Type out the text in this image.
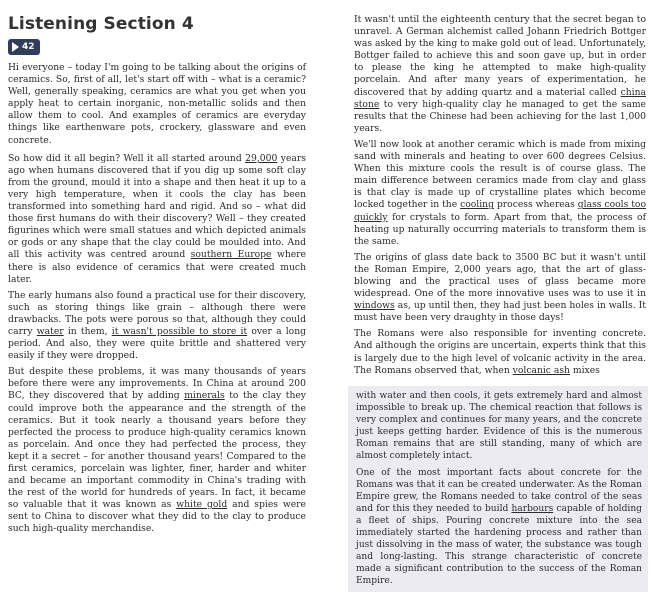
Listening Section 4
42

Hi everyone – today I'm going to be talking about the origins of ceramics. So, first of all, let's start off with – what is a ceramic? Well, generally speaking, ceramics are what you get when you apply heat to certain inorganic, non-metallic solids and then allow them to cool. And examples of ceramics are everyday things like earthenware pots, crockery, glassware and even concrete.

So how did it all begin? Well it all started around 29,000 years ago when humans discovered that if you dig up some soft clay from the ground, mould it into a shape and then heat it up to a very high temperature, when it cools the clay has been transformed into something hard and rigid. And so – what did those first humans do with their discovery? Well – they created figurines which were small statues and which depicted animals or gods or any shape that the clay could be moulded into. And all this activity was centred around southern Europe where there is also evidence of ceramics that were created much later.

The early humans also found a practical use for their discovery, such as storing things like grain – although there were drawbacks. The pots were porous so that, although they could carry water in them, it wasn't possible to store it over a long period. And also, they were quite brittle and shattered very easily if they were dropped.

But despite these problems, it was many thousands of years before there were any improvements. In China at around 200 BC, they discovered that by adding minerals to the clay they could improve both the appearance and the strength of the ceramics. But it took nearly a thousand years before they perfected the process to produce high-quality ceramics known as porcelain. And once they had perfected the process, they kept it a secret – for another thousand years! Compared to the first ceramics, porcelain was lighter, finer, harder and whiter and became an important commodity in China's trading with the rest of the world for hundreds of years. In fact, it became so valuable that it was known as white gold and spies were sent to China to discover what they did to the clay to produce such high-quality merchandise.

It wasn't until the eighteenth century that the secret began to unravel. A German alchemist called Johann Friedrich Bottger was asked by the king to make gold out of lead. Unfortunately, Bottger failed to achieve this and soon gave up, but in order to please the king he attempted to make high-quality porcelain. And after many years of experimentation, he discovered that by adding quartz and a material called china stone to very high-quality clay he managed to get the same results that the Chinese had been achieving for the last 1,000 years.

We'll now look at another ceramic which is made from mixing sand with minerals and heating to over 600 degrees Celsius. When this mixture cools the result is of course glass. The main difference between ceramics made from clay and glass is that clay is made up of crystalline plates which become locked together in the cooling process whereas glass cools too quickly for crystals to form. Apart from that, the process of heating up naturally occurring materials to transform them is the same.

The origins of glass date back to 3500 BC but it wasn't until the Roman Empire, 2,000 years ago, that the art of glass-blowing and the practical uses of glass became more widespread. One of the more innovative uses was to use it in windows as, up until then, they had just been holes in walls. It must have been very draughty in those days!

The Romans were also responsible for inventing concrete. And although the origins are uncertain, experts think that this is largely due to the high level of volcanic activity in the area. The Romans observed that, when volcanic ash mixes

with water and then cools, it gets extremely hard and almost impossible to break up. The chemical reaction that follows is very complex and continues for many years, and the concrete just keeps getting harder. Evidence of this is the numerous Roman remains that are still standing, many of which are almost completely intact.

One of the most important facts about concrete for the Romans was that it can be created underwater. As the Roman Empire grew, the Romans needed to take control of the seas and for this they needed to build harbours capable of holding a fleet of ships. Pouring concrete mixture into the sea immediately started the hardening process and rather than just dissolving in the mass of water, the substance was tough and long-lasting. This strange characteristic of concrete made a significant contribution to the success of the Roman Empire.
